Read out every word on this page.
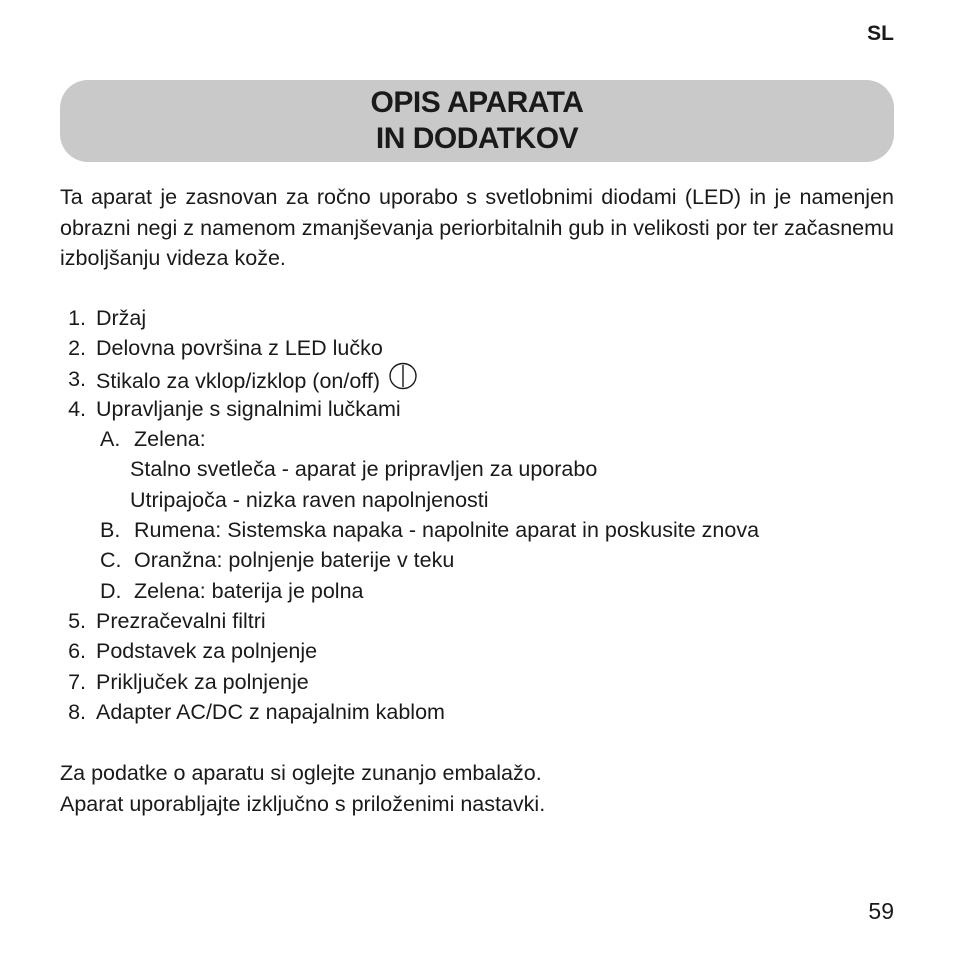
SL
OPIS APARATA
IN DODATKOV

Ta aparat je zasnovan za ročno uporabo s svetlobnimi diodami (LED) in je namenjen obrazni negi z namenom zmanjševanja periorbitalnih gub in velikosti por ter začasnemu izboljšanju videza kože.

1. Držaj
2. Delovna površina z LED lučko
3. Stikalo za vklop/izklop (on/off)
4. Upravljanje s signalnimi lučkami
A. Zelena:
Stalno svetleča - aparat je pripravljen za uporabo
Utripajoča - nizka raven napolnjenosti
B. Rumena: Sistemska napaka - napolnite aparat in poskusite znova
C. Oranžna: polnjenje baterije v teku
D. Zelena: baterija je polna
5. Prezračevalni filtri
6. Podstavek za polnjenje
7. Priključek za polnjenje
8. Adapter AC/DC z napajalnim kablom
Za podatke o aparatu si oglejte zunanjo embalažo.
Aparat uporabljajte izključno s priloženimi nastavki.
59
